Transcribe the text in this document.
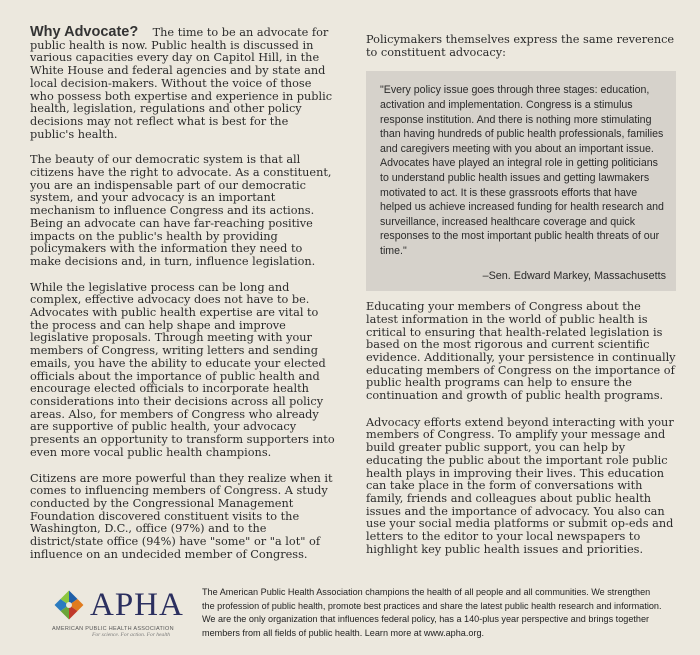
Why Advocate? The time to be an advocate for public health is now. Public health is discussed in various capacities every day on Capitol Hill, in the White House and federal agencies and by state and local decision-makers. Without the voice of those who possess both expertise and experience in public health, legislation, regulations and other policy decisions may not reflect what is best for the public's health.

The beauty of our democratic system is that all citizens have the right to advocate. As a constituent, you are an indispensable part of our democratic system, and your advocacy is an important mechanism to influence Congress and its actions. Being an advocate can have far-reaching positive impacts on the public's health by providing policymakers with the information they need to make decisions and, in turn, influence legislation.

While the legislative process can be long and complex, effective advocacy does not have to be. Advocates with public health expertise are vital to the process and can help shape and improve legislative proposals. Through meeting with your members of Congress, writing letters and sending emails, you have the ability to educate your elected officials about the importance of public health and encourage elected officials to incorporate health considerations into their decisions across all policy areas. Also, for members of Congress who already are supportive of public health, your advocacy presents an opportunity to transform supporters into even more vocal public health champions.

Citizens are more powerful than they realize when it comes to influencing members of Congress. A study conducted by the Congressional Management Foundation discovered constituent visits to the Washington, D.C., office (97%) and to the district/state office (94%) have "some" or "a lot" of influence on an undecided member of Congress.

Policymakers themselves express the same reverence to constituent advocacy:

"Every policy issue goes through three stages: education, activation and implementation. Congress is a stimulus response institution. And there is nothing more stimulating than having hundreds of public health professionals, families and caregivers meeting with you about an important issue. Advocates have played an integral role in getting politicians to understand public health issues and getting lawmakers motivated to act. It is these grassroots efforts that have helped us achieve increased funding for health research and surveillance, increased healthcare coverage and quick responses to the most important public health threats of our time."
–Sen. Edward Markey, Massachusetts

Educating your members of Congress about the latest information in the world of public health is critical to ensuring that health-related legislation is based on the most rigorous and current scientific evidence. Additionally, your persistence in continually educating members of Congress on the importance of public health programs can help to ensure the continuation and growth of public health programs.

Advocacy efforts extend beyond interacting with your members of Congress. To amplify your message and build greater public support, you can help by educating the public about the important role public health plays in improving their lives. This education can take place in the form of conversations with family, friends and colleagues about public health issues and the importance of advocacy. You also can use your social media platforms or submit op-eds and letters to the editor to your local newspapers to highlight key public health issues and priorities.

APHA
AMERICAN PUBLIC HEALTH ASSOCIATION
For science. For action. For health
The American Public Health Association champions the health of all people and all communities. We strengthen the profession of public health, promote best practices and share the latest public health research and information. We are the only organization that influences federal policy, has a 140-plus year perspective and brings together members from all fields of public health. Learn more at www.apha.org.
